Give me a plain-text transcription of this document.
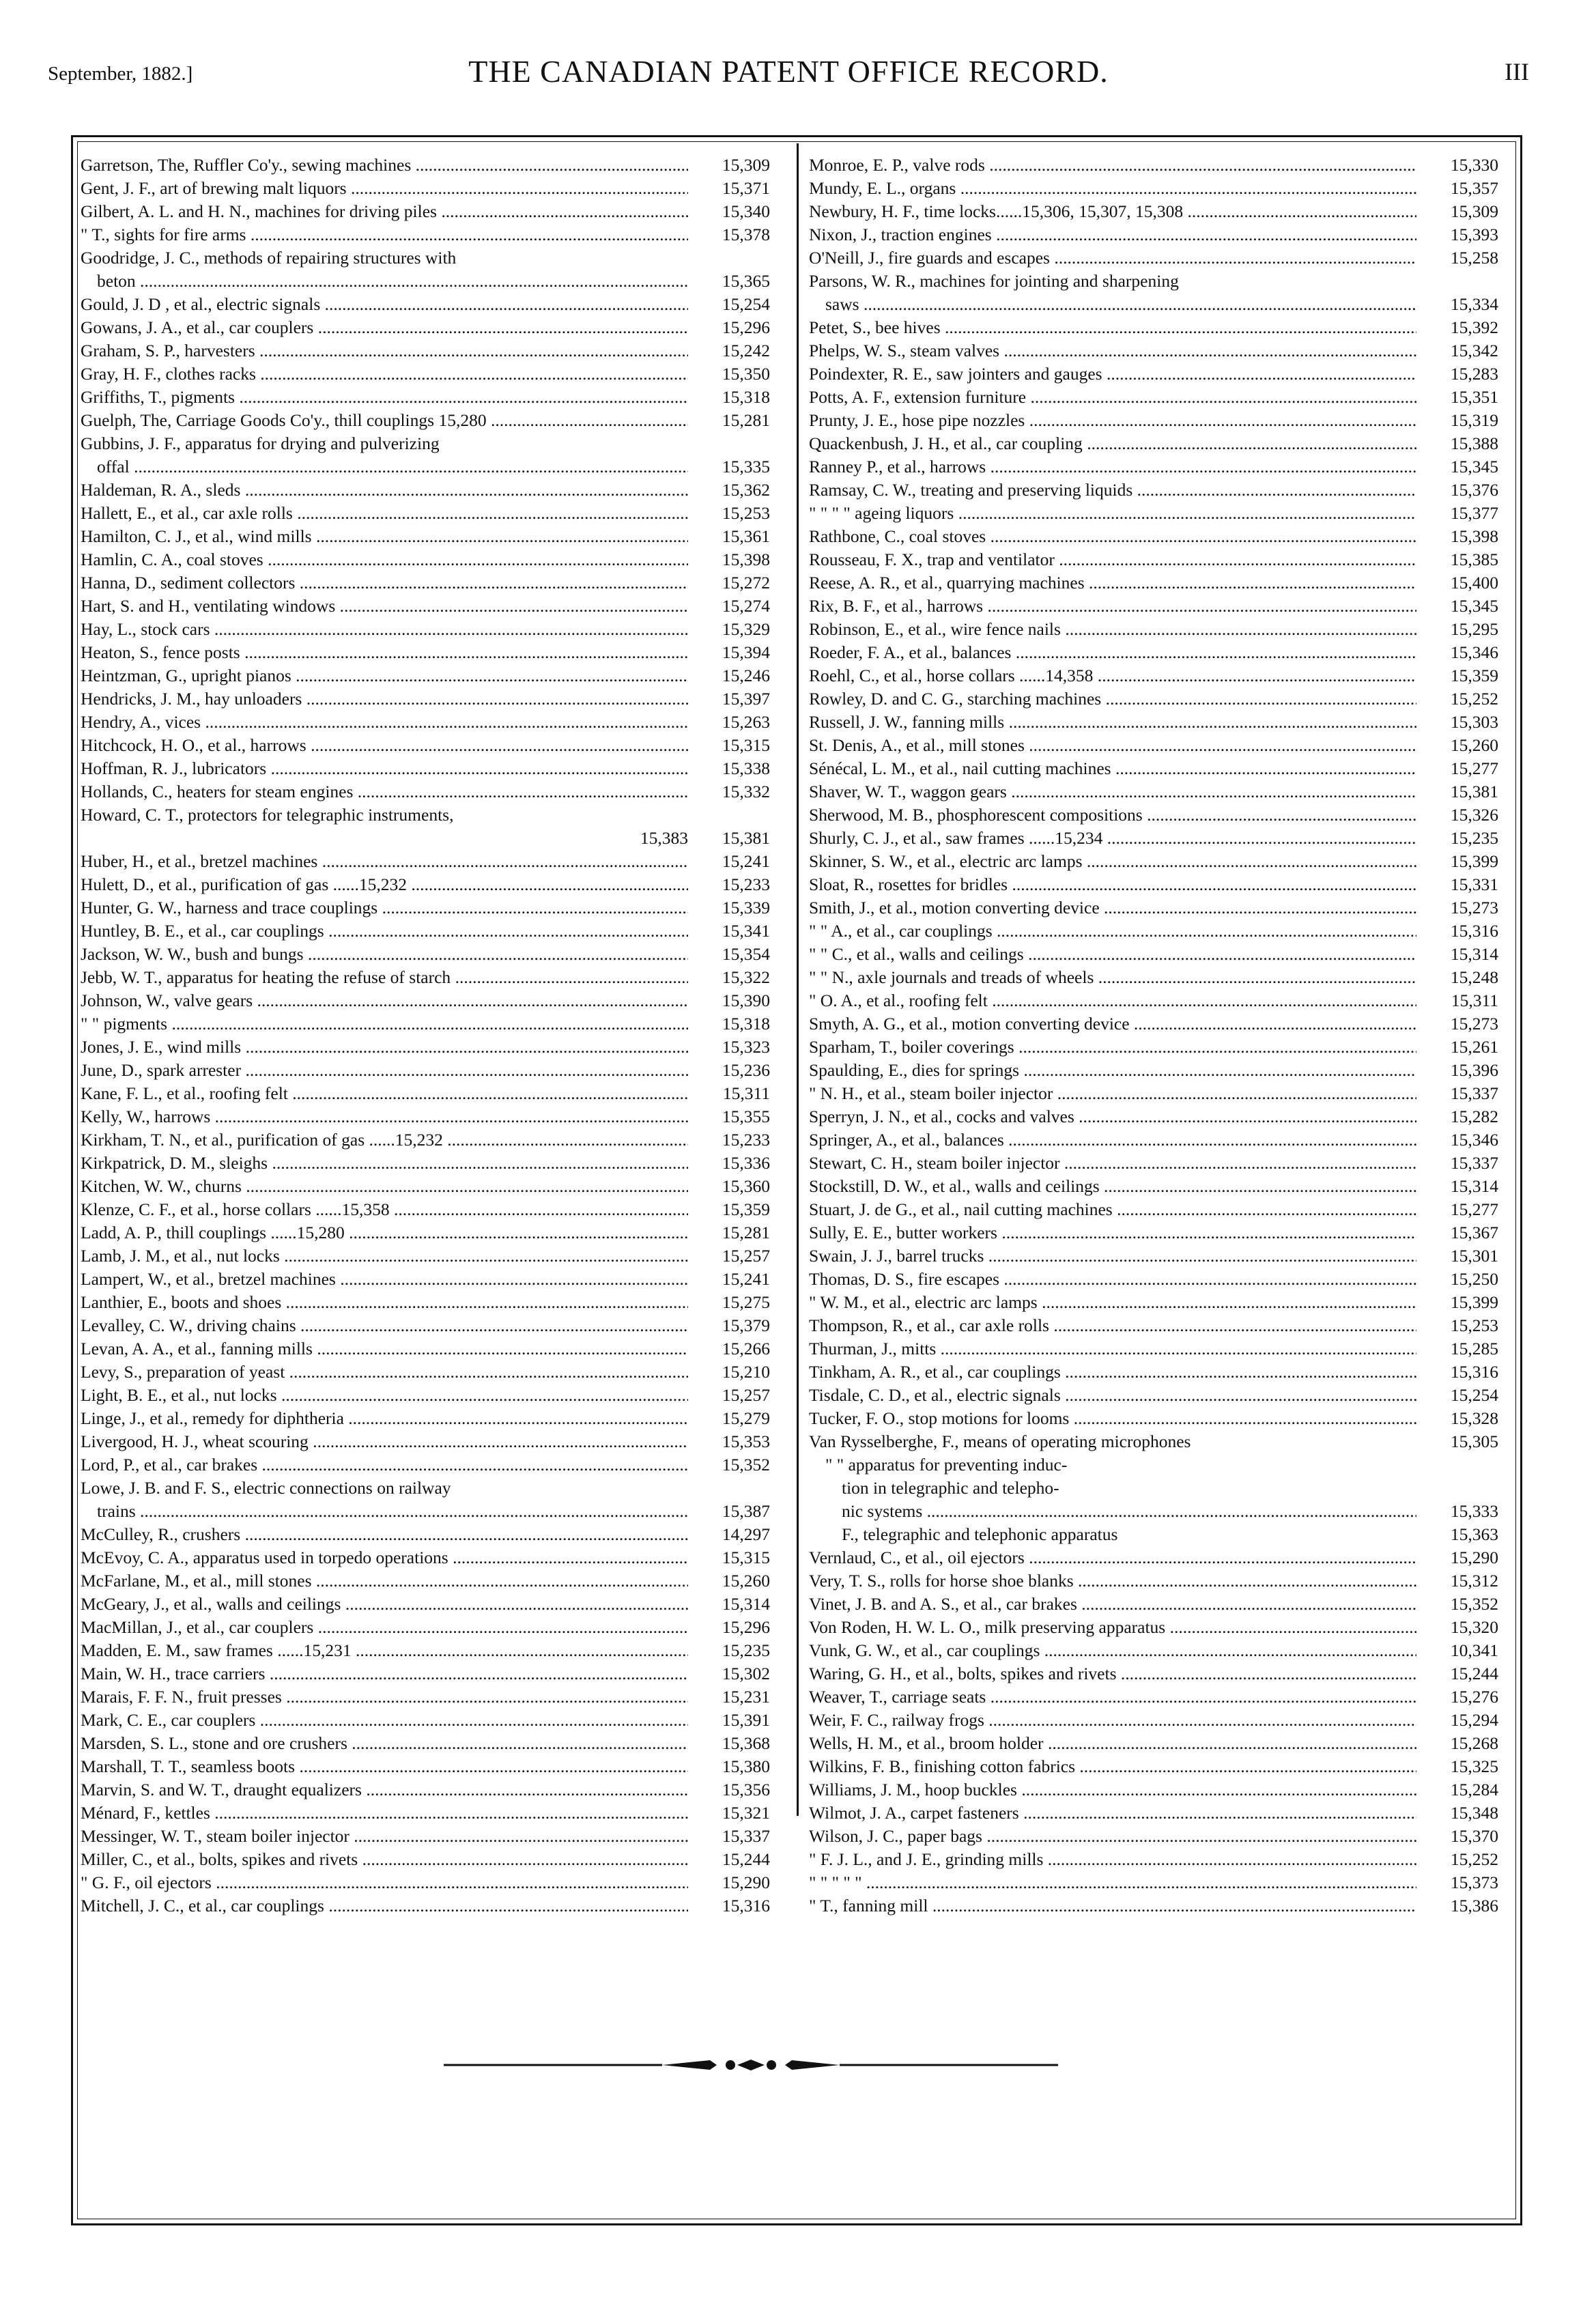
September, 1882.]	THE CANADIAN PATENT OFFICE RECORD.	III
Garretson, The, Ruffler Co'y., sewing machines .....	15,309
Gent, J. F., art of brewing malt liquors .....	15,371
Gilbert, A. L. and H. N., machines for driving piles .....	15,340
" T., sights for fire arms .....	15,378
Goodridge, J. C., methods of repairing structures with
beton .....	15,365
Gould, J. D , et al., electric signals .....	15,254
Gowans, J. A., et al., car couplers .....	15,296
Graham, S. P., harvesters .....	15,242
Gray, H. F., clothes racks .....	15,350
Griffiths, T., pigments .....	15,318
Guelph, The, Carriage Goods Co'y., thill couplings 15,280 .....	15,281
Gubbins, J. F., apparatus for drying and pulverizing
offal .....	15,335
Haldeman, R. A., sleds .....	15,362
Hallett, E., et al., car axle rolls .....	15,253
Hamilton, C. J., et al., wind mills .....	15,361
Hamlin, C. A., coal stoves .....	15,398
Hanna, D., sediment collectors .....	15,272
Hart, S. and H., ventilating windows .....	15,274
Hay, L., stock cars .....	15,329
Heaton, S., fence posts .....	15,394
Heintzman, G., upright pianos .....	15,246
Hendricks, J. M., hay unloaders .....	15,397
Hendry, A., vices .....	15,263
Hitchcock, H. O., et al., harrows .....	15,315
Hoffman, R. J., lubricators .....	15,338
Hollands, C., heaters for steam engines .....	15,332
Howard, C. T., protectors for telegraphic instruments,
15,383	15,381
Huber, H., et al., bretzel machines .....	15,241
Hulett, D., et al., purification of gas ......15,232 .....	15,233
Hunter, G. W., harness and trace couplings .....	15,339
Huntley, B. E., et al., car couplings .....	15,341
Jackson, W. W., bush and bungs .....	15,354
Jebb, W. T., apparatus for heating the refuse of starch .....	15,322
Johnson, W., valve gears .....	15,390
" " pigments .....	15,318
Jones, J. E., wind mills .....	15,323
June, D., spark arrester .....	15,236
Kane, F. L., et al., roofing felt .....	15,311
Kelly, W., harrows .....	15,355
Kirkham, T. N., et al., purification of gas ......15,232 .....	15,233
Kirkpatrick, D. M., sleighs .....	15,336
Kitchen, W. W., churns .....	15,360
Klenze, C. F., et al., horse collars ......15,358 .....	15,359
Ladd, A. P., thill couplings ......15,280 .....	15,281
Lamb, J. M., et al., nut locks .....	15,257
Lampert, W., et al., bretzel machines .....	15,241
Lanthier, E., boots and shoes .....	15,275
Levalley, C. W., driving chains .....	15,379
Levan, A. A., et al., fanning mills .....	15,266
Levy, S., preparation of yeast .....	15,210
Light, B. E., et al., nut locks .....	15,257
Linge, J., et al., remedy for diphtheria .....	15,279
Livergood, H. J., wheat scouring .....	15,353
Lord, P., et al., car brakes .....	15,352
Lowe, J. B. and F. S., electric connections on railway
trains .....	15,387
McCulley, R., crushers .....	14,297
McEvoy, C. A., apparatus used in torpedo operations .....	15,315
McFarlane, M., et al., mill stones .....	15,260
McGeary, J., et al., walls and ceilings .....	15,314
MacMillan, J., et al., car couplers .....	15,296
Madden, E. M., saw frames ......15,231 .....	15,235
Main, W. H., trace carriers .....	15,302
Marais, F. F. N., fruit presses .....	15,231
Mark, C. E., car couplers .....	15,391
Marsden, S. L., stone and ore crushers .....	15,368
Marshall, T. T., seamless boots .....	15,380
Marvin, S. and W. T., draught equalizers .....	15,356
Ménard, F., kettles .....	15,321
Messinger, W. T., steam boiler injector .....	15,337
Miller, C., et al., bolts, spikes and rivets .....	15,244
" G. F., oil ejectors .....	15,290
Mitchell, J. C., et al., car couplings .....	15,316
Monroe, E. P., valve rods .....	15,330
Mundy, E. L., organs .....	15,357
Newbury, H. F., time locks......15,306, 15,307, 15,308 .....	15,309
Nixon, J., traction engines .....	15,393
O'Neill, J., fire guards and escapes .....	15,258
Parsons, W. R., machines for jointing and sharpening
saws .....	15,334
Petet, S., bee hives .....	15,392
Phelps, W. S., steam valves .....	15,342
Poindexter, R. E., saw jointers and gauges .....	15,283
Potts, A. F., extension furniture .....	15,351
Prunty, J. E., hose pipe nozzles .....	15,319
Quackenbush, J. H., et al., car coupling .....	15,388
Ranney P., et al., harrows .....	15,345
Ramsay, C. W., treating and preserving liquids .....	15,376
" " " " ageing liquors .....	15,377
Rathbone, C., coal stoves .....	15,398
Rousseau, F. X., trap and ventilator .....	15,385
Reese, A. R., et al., quarrying machines .....	15,400
Rix, B. F., et al., harrows .....	15,345
Robinson, E., et al., wire fence nails .....	15,295
Roeder, F. A., et al., balances .....	15,346
Roehl, C., et al., horse collars ......14,358 .....	15,359
Rowley, D. and C. G., starching machines .....	15,252
Russell, J. W., fanning mills .....	15,303
St. Denis, A., et al., mill stones .....	15,260
Sénécal, L. M., et al., nail cutting machines .....	15,277
Shaver, W. T., waggon gears .....	15,381
Sherwood, M. B., phosphorescent compositions .....	15,326
Shurly, C. J., et al., saw frames ......15,234 .....	15,235
Skinner, S. W., et al., electric arc lamps .....	15,399
Sloat, R., rosettes for bridles .....	15,331
Smith, J., et al., motion converting device .....	15,273
" " A., et al., car couplings .....	15,316
" " C., et al., walls and ceilings .....	15,314
" " N., axle journals and treads of wheels .....	15,248
" O. A., et al., roofing felt .....	15,311
Smyth, A. G., et al., motion converting device .....	15,273
Sparham, T., boiler coverings .....	15,261
Spaulding, E., dies for springs .....	15,396
" N. H., et al., steam boiler injector .....	15,337
Sperryn, J. N., et al., cocks and valves .....	15,282
Springer, A., et al., balances .....	15,346
Stewart, C. H., steam boiler injector .....	15,337
Stockstill, D. W., et al., walls and ceilings .....	15,314
Stuart, J. de G., et al., nail cutting machines .....	15,277
Sully, E. E., butter workers .....	15,367
Swain, J. J., barrel trucks .....	15,301
Thomas, D. S., fire escapes .....	15,250
" W. M., et al., electric arc lamps .....	15,399
Thompson, R., et al., car axle rolls .....	15,253
Thurman, J., mitts .....	15,285
Tinkham, A. R., et al., car couplings .....	15,316
Tisdale, C. D., et al., electric signals .....	15,254
Tucker, F. O., stop motions for looms .....	15,328
Van Rysselberghe, F., means of operating microphones	15,305
" " apparatus for preventing induc-
tion in telegraphic and telepho-
nic systems .....	15,333
F., telegraphic and telephonic apparatus	15,363
Vernlaud, C., et al., oil ejectors .....	15,290
Very, T. S., rolls for horse shoe blanks .....	15,312
Vinet, J. B. and A. S., et al., car brakes .....	15,352
Von Roden, H. W. L. O., milk preserving apparatus .....	15,320
Vunk, G. W., et al., car couplings .....	10,341
Waring, G. H., et al., bolts, spikes and rivets .....	15,244
Weaver, T., carriage seats .....	15,276
Weir, F. C., railway frogs .....	15,294
Wells, H. M., et al., broom holder .....	15,268
Wilkins, F. B., finishing cotton fabrics .....	15,325
Williams, J. M., hoop buckles .....	15,284
Wilmot, J. A., carpet fasteners .....	15,348
Wilson, J. C., paper bags .....	15,370
" F. J. L., and J. E., grinding mills .....	15,252
" " " " " .....	15,373
" T., fanning mill .....	15,386
